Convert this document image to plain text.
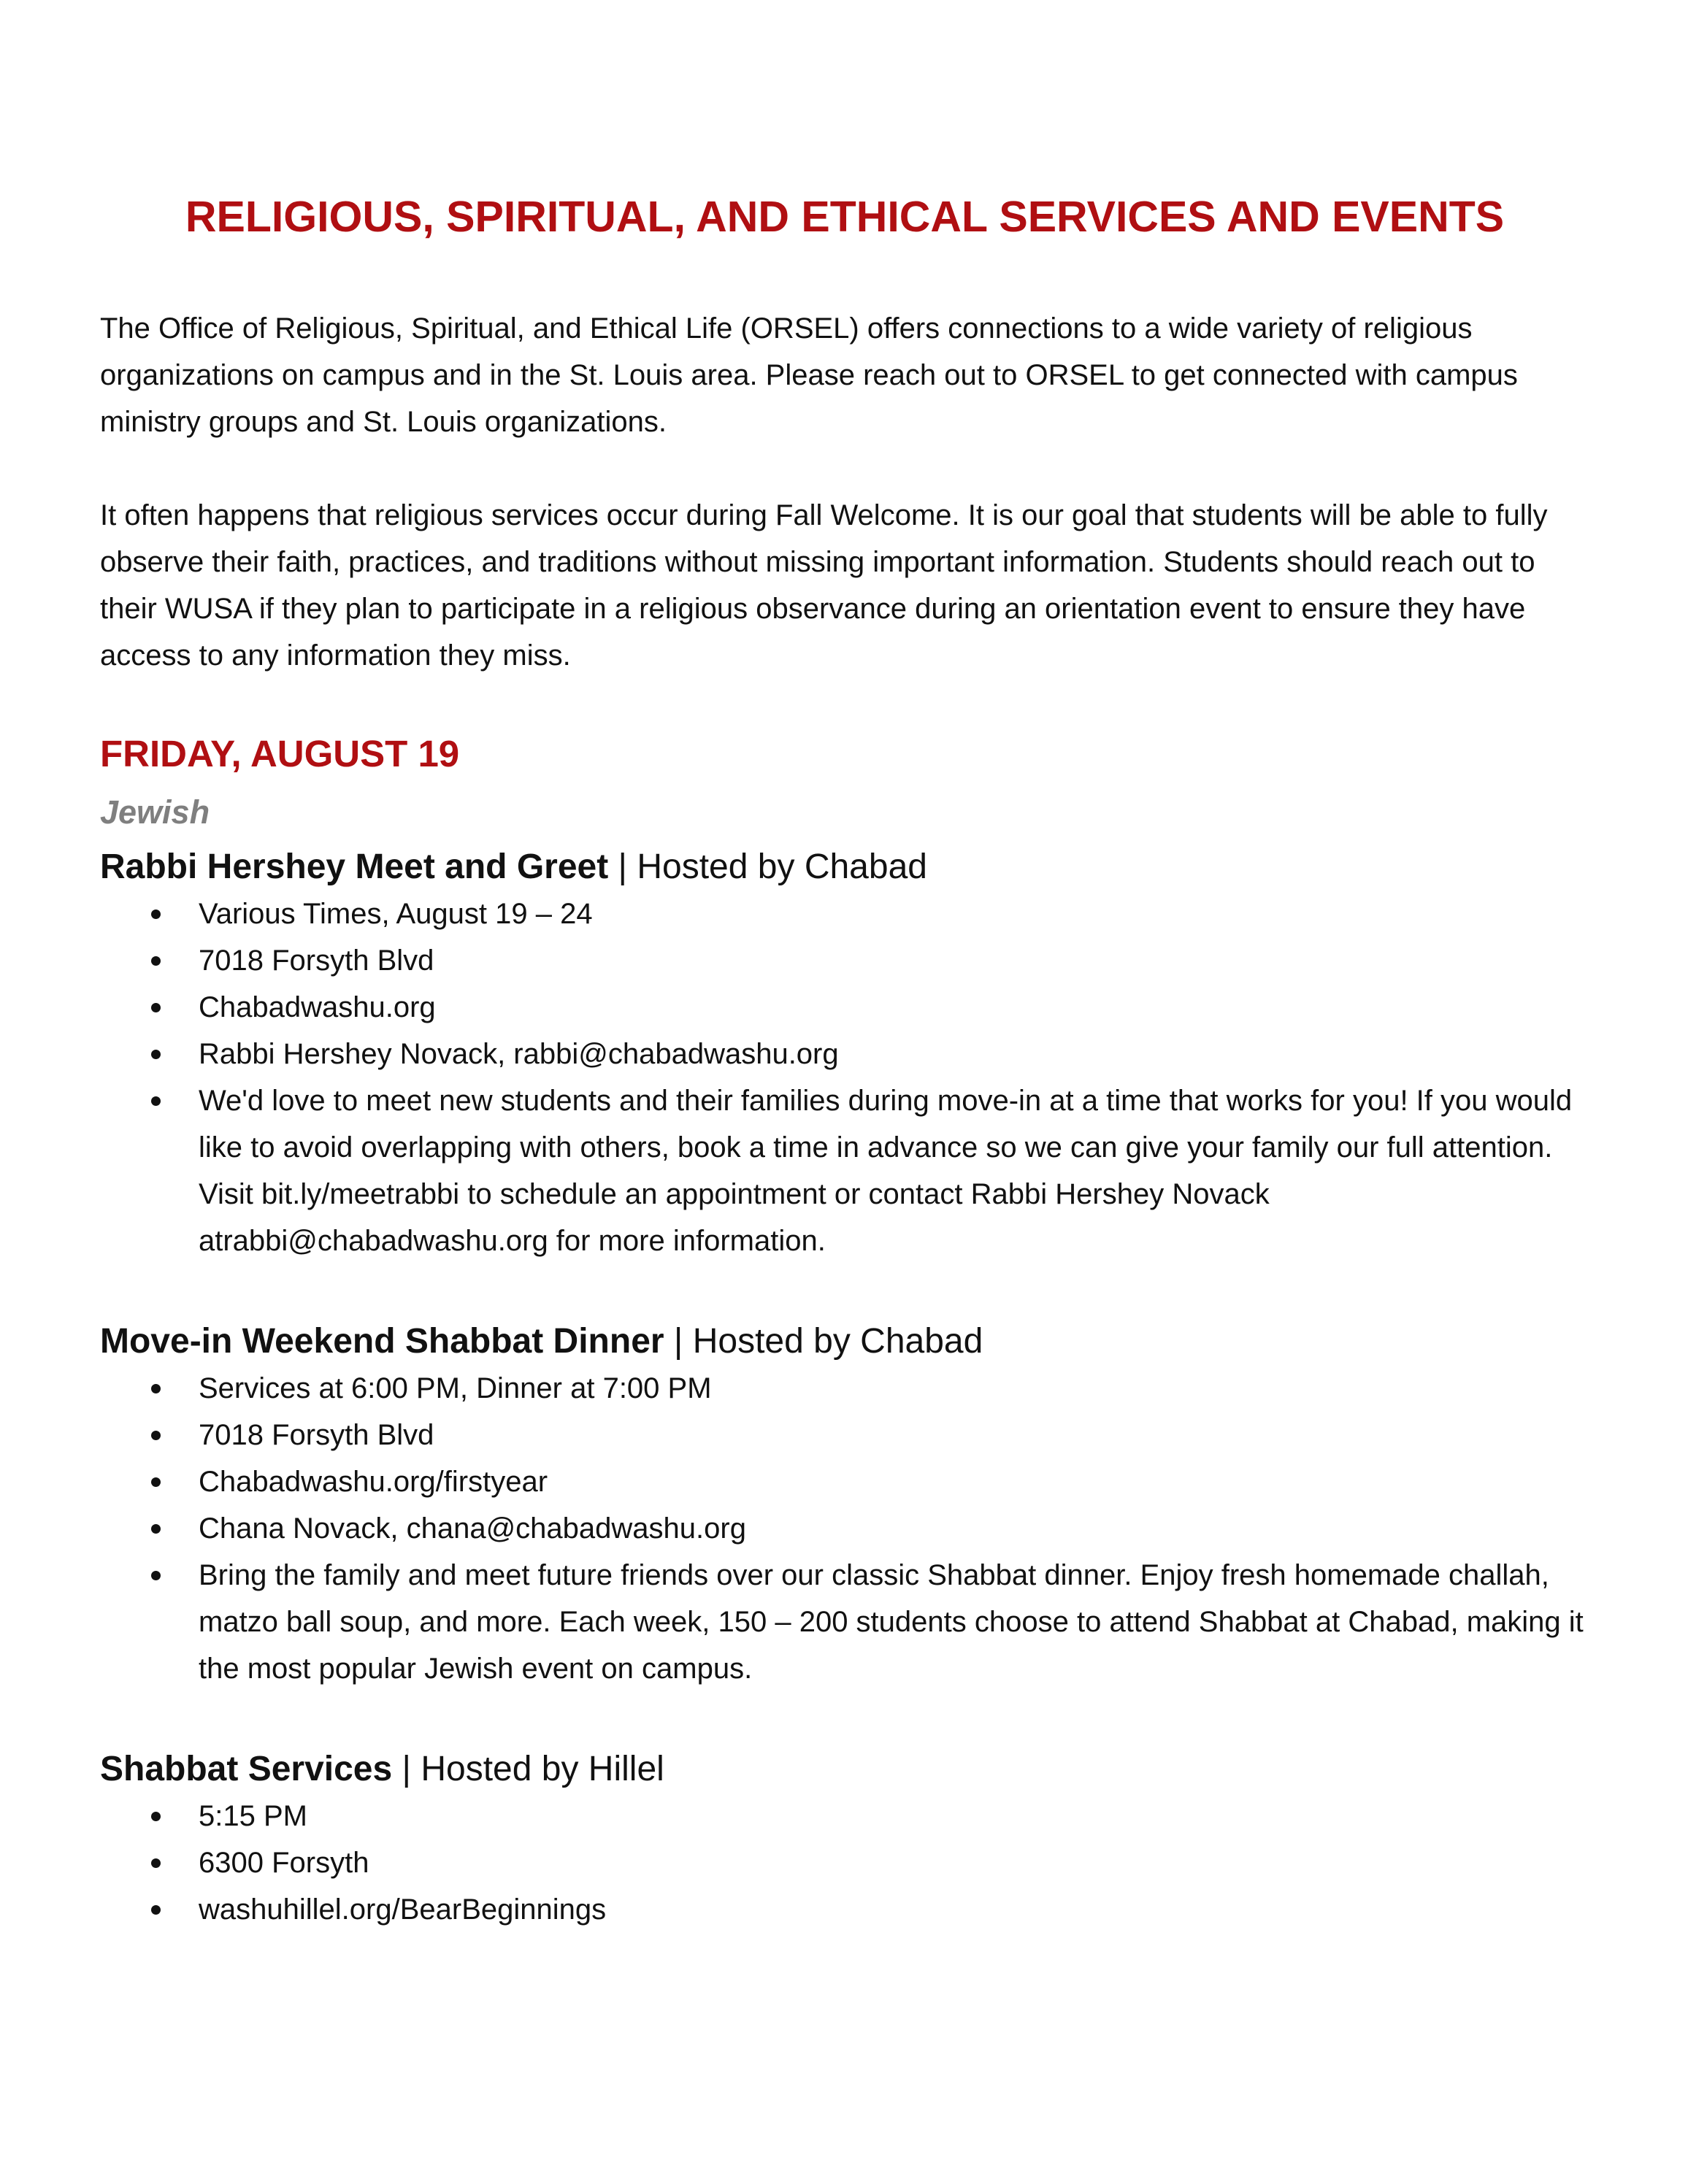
RELIGIOUS, SPIRITUAL, AND ETHICAL SERVICES AND EVENTS

The Office of Religious, Spiritual, and Ethical Life (ORSEL) offers connections to a wide variety of religious organizations on campus and in the St. Louis area. Please reach out to ORSEL to get connected with campus ministry groups and St. Louis organizations.

It often happens that religious services occur during Fall Welcome. It is our goal that students will be able to fully observe their faith, practices, and traditions without missing important information. Students should reach out to their WUSA if they plan to participate in a religious observance during an orientation event to ensure they have access to any information they miss.

FRIDAY, AUGUST 19
Jewish

Rabbi Hershey Meet and Greet | Hosted by Chabad

Various Times, August 19 – 24
7018 Forsyth Blvd
Chabadwashu.org
Rabbi Hershey Novack, rabbi@chabadwashu.org
We'd love to meet new students and their families during move-in at a time that works for you! If you would like to avoid overlapping with others, book a time in advance so we can give your family our full attention. Visit bit.ly/meetrabbi to schedule an appointment or contact Rabbi Hershey Novack atrabbi@chabadwashu.org for more information.

Move-in Weekend Shabbat Dinner | Hosted by Chabad

Services at 6:00 PM, Dinner at 7:00 PM
7018 Forsyth Blvd
Chabadwashu.org/firstyear
Chana Novack, chana@chabadwashu.org
Bring the family and meet future friends over our classic Shabbat dinner. Enjoy fresh homemade challah, matzo ball soup, and more. Each week, 150 – 200 students choose to attend Shabbat at Chabad, making it the most popular Jewish event on campus.

Shabbat Services | Hosted by Hillel

5:15 PM
6300 Forsyth
washuhillel.org/BearBeginnings
